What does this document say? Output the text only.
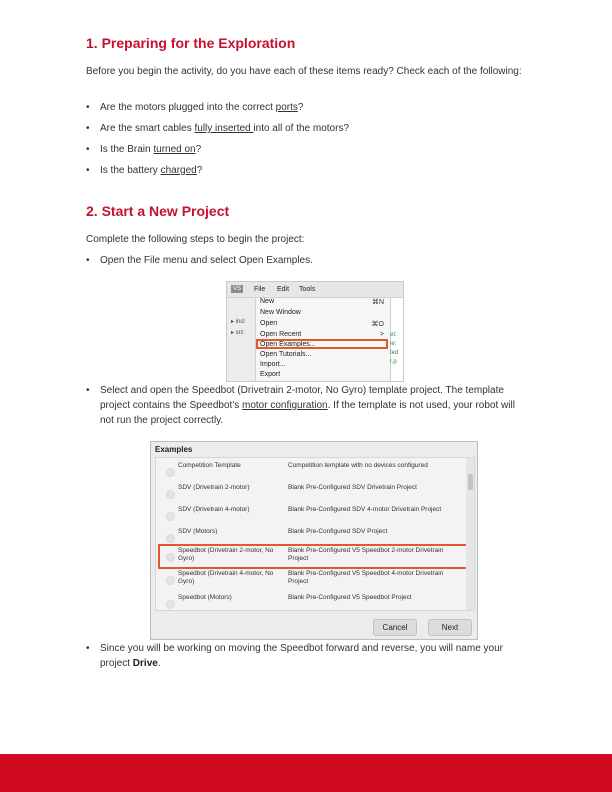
1. Preparing for the Exploration

Before you begin the activity, do you have each of these items ready? Check each of the following:

•	Are the motors plugged into the correct ports?

•	Are the smart cables fully inserted into all of the motors?

•	Is the Brain turned on?

•	Is the battery charged?

2. Start a New Project

Complete the following steps to begin the project:

•	Open the File menu and select Open Examples.

VS File Edit Tools
▸ incl
▸ src
New	⌘N
New Window
Open	⌘O
Open Recent	>
Open Examples...
Open Tutorials...
Import...
Export
et:
ie:
ted
r.p

•	Select and open the Speedbot (Drivetrain 2-motor, No Gyro) template project. The template project contains the Speedbot's motor configuration. If the template is not used, your robot will not run the project correctly.

Examples
Competition Template	Competition template with no devices configured
SDV (Drivetrain 2-motor)	Blank Pre-Configured SDV Drivetrain Project
SDV (Drivetrain 4-motor)	Blank Pre-Configured SDV 4-motor Drivetrain Project
SDV (Motors)	Blank Pre-Configured SDV Project
Speedbot (Drivetrain 2-motor, No Gyro)
Blank Pre-Configured V5 Speedbot 2-motor Drivetrain Project
Speedbot (Drivetrain 4-motor, No Gyro)
Blank Pre-Configured V5 Speedbot 4-motor Drivetrain Project
Speedbot (Motors)	Blank Pre-Configured V5 Speedbot Project
Cancel	Next

•	Since you will be working on moving the Speedbot forward and reverse, you will name your project Drive.
